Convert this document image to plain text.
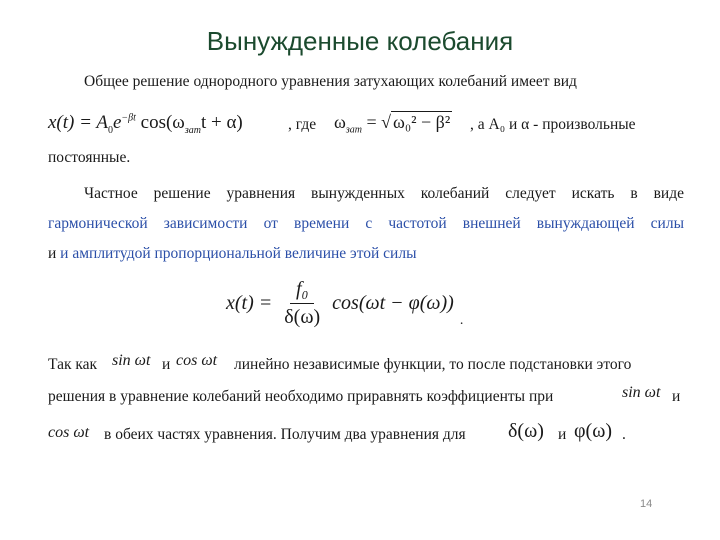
Вынужденные колебания
Общее решение однородного уравнения затухающих колебаний имеет вид
$x(t) = A_0e^{-\beta t}$ $\cos(\omega_{зат}t + \alpha)$	, где $\omega_{зат}$ = √ ω₀² − β² , а A₀ и α - произвольные
постоянные.
Частное решение уравнения вынужденных колебаний следует искать в виде
гармонической зависимости от времени с частотой внешней вынуждающей силы
и и амплитудой пропорциональной величине этой силы
$x(t) = \frac{\text{f₀}}{\delta(\omega)} \cos(\omega t - \varphi(\omega))$
.
Так как sin ωt и cos ωt линейно независимые функции, то после подстановки этого
решения в уравнение колебаний необходимо приравнять коэффициенты при	sin ωt и
cos ωt в обеих частях уравнения. Получим два уравнения для δ(ω) и φ(ω) .
14
